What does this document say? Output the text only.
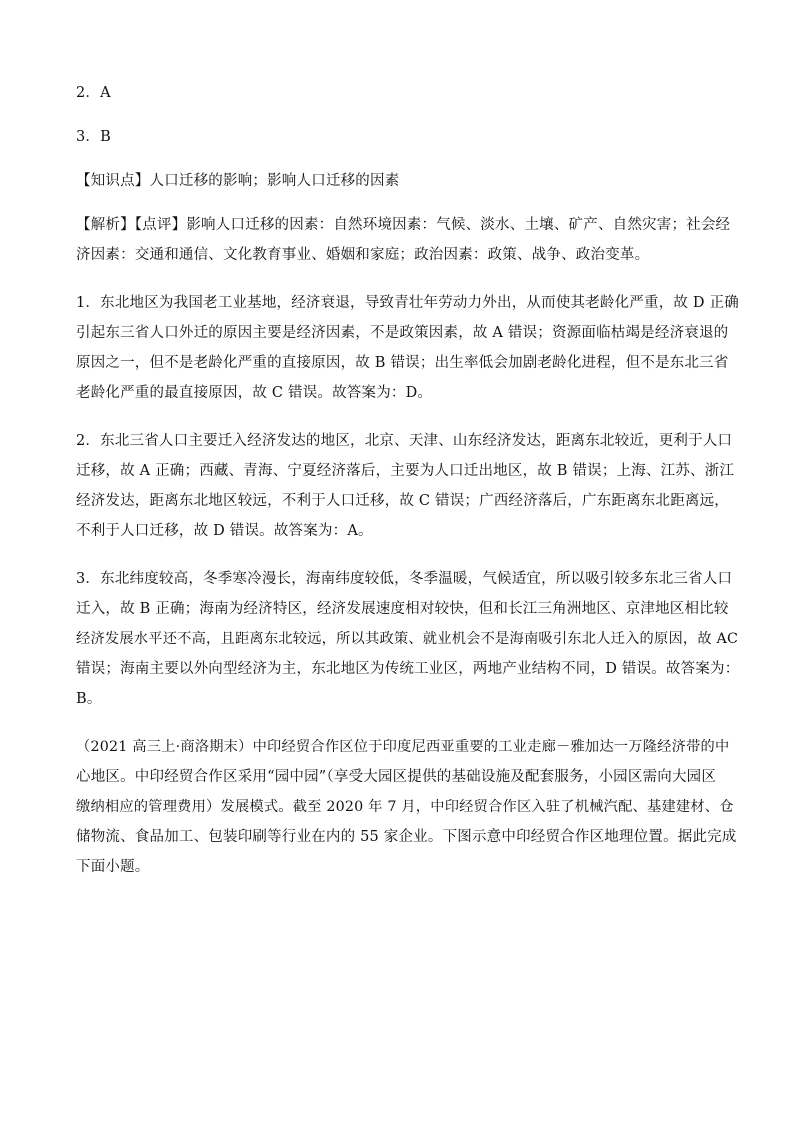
2．A
3．B
【知识点】人口迁移的影响；影响人口迁移的因素
【解析】【点评】影响人口迁移的因素：自然环境因素：气候、淡水、土壤、矿产、自然灾害；社会经
济因素：交通和通信、文化教育事业、婚姻和家庭；政治因素：政策、战争、政治变革。
1．东北地区为我国老工业基地，经济衰退，导致青壮年劳动力外出，从而使其老龄化严重，故 D 正确
引起东三省人口外迁的原因主要是经济因素，不是政策因素，故 A 错误；资源面临枯竭是经济衰退的
原因之一，但不是老龄化严重的直接原因，故 B 错误；出生率低会加剧老龄化进程，但不是东北三省
老龄化严重的最直接原因，故 C 错误。故答案为：D。
2．东北三省人口主要迁入经济发达的地区，北京、天津、山东经济发达，距离东北较近，更利于人口
迁移，故 A 正确；西藏、青海、宁夏经济落后，主要为人口迁出地区，故 B 错误；上海、江苏、浙江
经济发达，距离东北地区较远，不利于人口迁移，故 C 错误；广西经济落后，广东距离东北距离远，
不利于人口迁移，故 D 错误。故答案为：A。
3．东北纬度较高，冬季寒冷漫长，海南纬度较低，冬季温暖，气候适宜，所以吸引较多东北三省人口
迁入，故 B 正确；海南为经济特区，经济发展速度相对较快，但和长江三角洲地区、京津地区相比较
经济发展水平还不高，且距离东北较远，所以其政策、就业机会不是海南吸引东北人迁入的原因，故 AC
错误；海南主要以外向型经济为主，东北地区为传统工业区，两地产业结构不同，D 错误。故答案为：
B。
（2021 高三上·商洛期末）中印经贸合作区位于印度尼西亚重要的工业走廊－雅加达一万隆经济带的中
心地区。中印经贸合作区采用“园中园”（享受大园区提供的基础设施及配套服务，小园区需向大园区
缴纳相应的管理费用）发展模式。截至 2020 年 7 月，中印经贸合作区入驻了机械汽配、基建建材、仓
储物流、食品加工、包装印刷等行业在内的 55 家企业。下图示意中印经贸合作区地理位置。据此完成
下面小题。
